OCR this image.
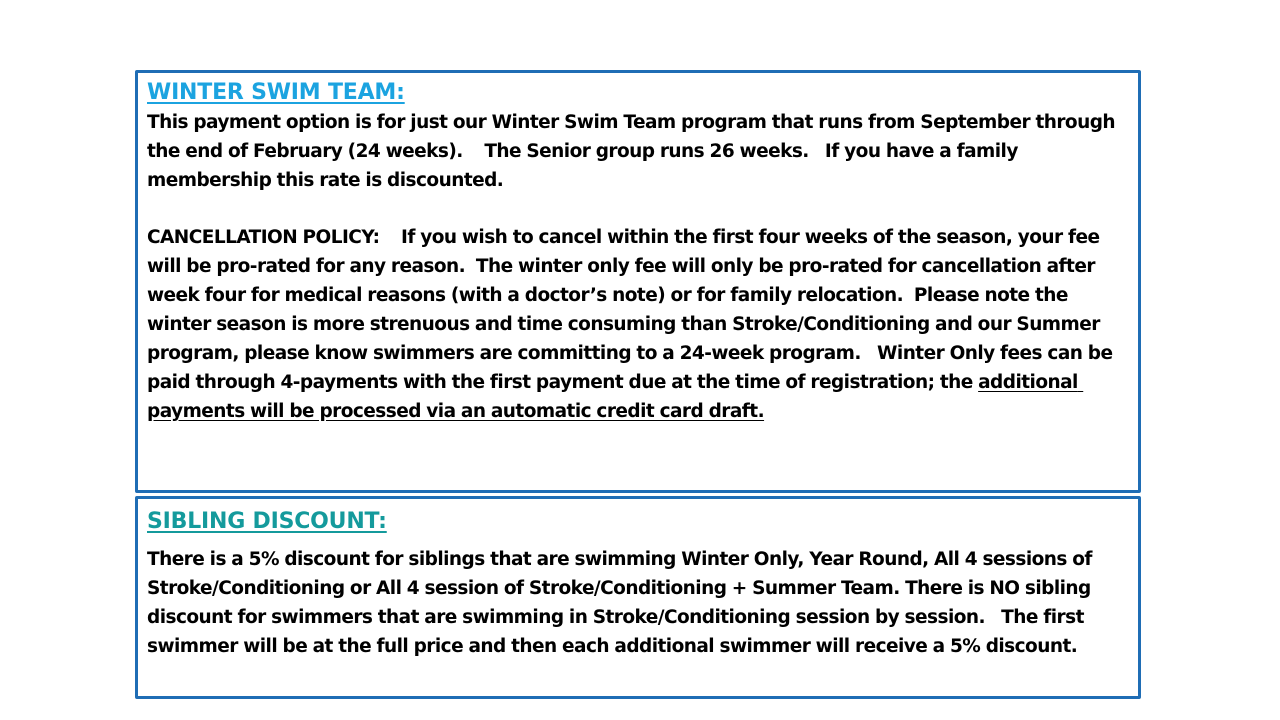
WINTER SWIM TEAM:

This payment option is for just our Winter Swim Team program that runs from September through the end of February (24 weeks).    The Senior group runs 26 weeks.   If you have a family membership this rate is discounted.

CANCELLATION POLICY:    If you wish to cancel within the first four weeks of the season, your fee will be pro-rated for any reason.  The winter only fee will only be pro-rated for cancellation after week four for medical reasons (with a doctor’s note) or for family relocation.  Please note the winter season is more strenuous and time consuming than Stroke/Conditioning and our Summer program, please know swimmers are committing to a 24-week program.   Winter Only fees can be paid through 4-payments with the first payment due at the time of registration; the additional payments will be processed via an automatic credit card draft.

SIBLING DISCOUNT:

There is a 5% discount for siblings that are swimming Winter Only, Year Round, All 4 sessions of Stroke/Conditioning or All 4 session of Stroke/Conditioning + Summer Team. There is NO sibling discount for swimmers that are swimming in Stroke/Conditioning session by session.   The first swimmer will be at the full price and then each additional swimmer will receive a 5% discount.
